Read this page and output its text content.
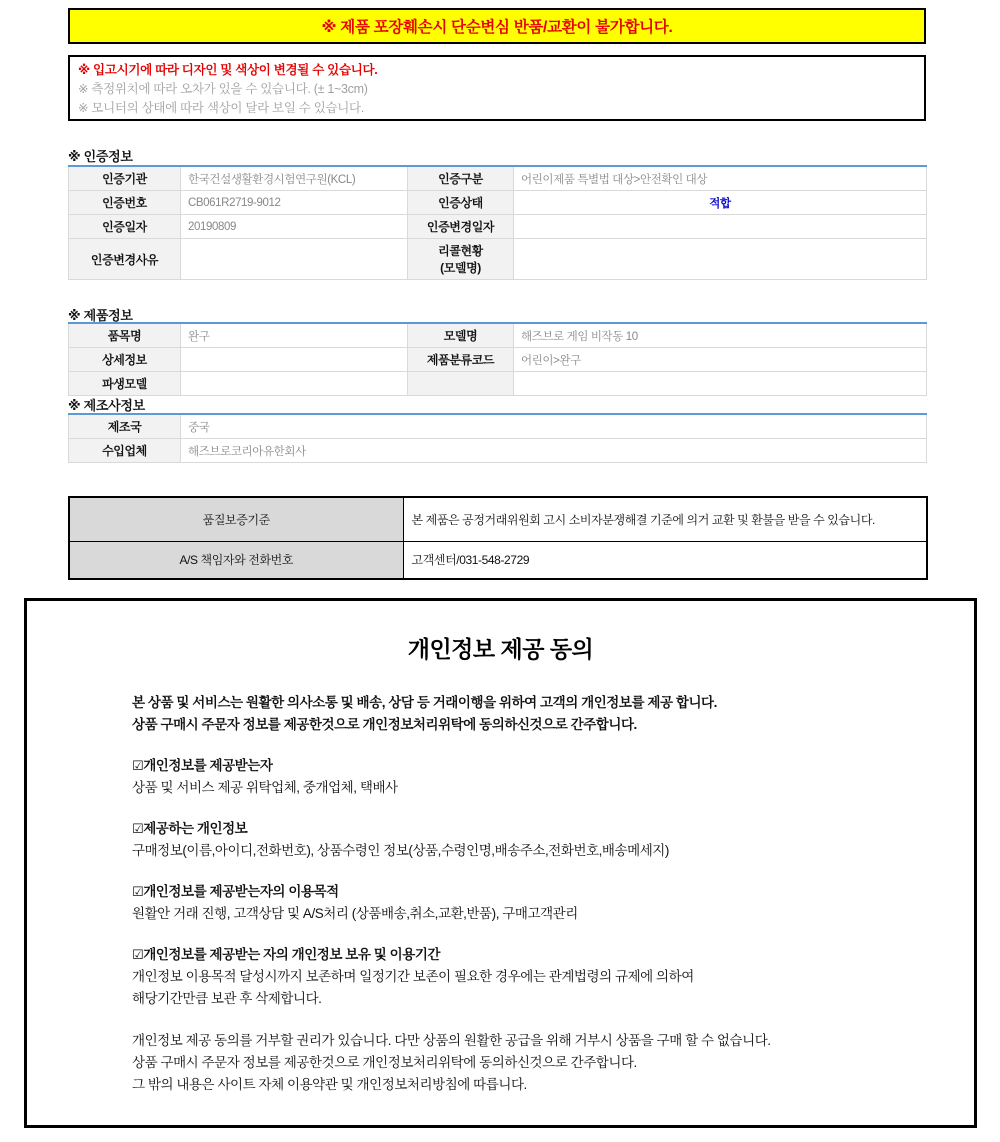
※ 제품 포장훼손시 단순변심 반품/교환이 불가합니다.
※ 입고시기에 따라 디자인 및 색상이 변경될 수 있습니다.
※ 측정위치에 따라 오차가 있을 수 있습니다. (± 1~3cm)
※ 모니터의 상태에 따라 색상이 달라 보일 수 있습니다.
※ 인증정보
인증기관	한국건설생활환경시험연구원(KCL)	인증구분	어린이제품 특별법 대상>안전확인 대상
인증번호	CB061R2719-9012	인증상태	적합
인증일자	20190809	인증변경일자	
인증변경사유		리콜현황
(모델명)	
※ 제품정보
품목명	완구	모델명	해즈브로 게임 비작동 10
상세정보		제품분류코드	어린이>완구
파생모델			
※ 제조사정보
제조국	중국
수입업체	해즈브로코리아유한회사
품질보증기준	본 제품은 공정거래위원회 고시 소비자분쟁해결 기준에 의거 교환 및 환불을 받을 수 있습니다.
A/S 책임자와 전화번호	고객센터/031-548-2729
개인정보 제공 동의
본 상품 및 서비스는 원활한 의사소통 및 배송, 상담 등 거래이행을 위하여 고객의 개인정보를 제공 합니다.
상품 구매시 주문자 정보를 제공한것으로 개인정보처리위탁에 동의하신것으로 간주합니다.
☑개인정보를 제공받는자
상품 및 서비스 제공 위탁업체, 중개업체, 택배사
☑제공하는 개인정보
구매정보(이름,아이디,전화번호), 상품수령인 정보(상품,수령인명,배송주소,전화번호,배송메세지)
☑개인정보를 제공받는자의 이용목적
원활안 거래 진행, 고객상담 및 A/S처리 (상품배송,취소,교환,반품), 구매고객관리
☑개인정보를 제공받는 자의 개인정보 보유 및 이용기간
개인정보 이용목적 달성시까지 보존하며 일정기간 보존이 필요한 경우에는 관계법령의 규제에 의하여
해당기간만큼 보관 후 삭제합니다.
개인정보 제공 동의를 거부할 권리가 있습니다. 다만 상품의 원활한 공급을 위해 거부시 상품을 구매 할 수 없습니다.
상품 구매시 주문자 정보를 제공한것으로 개인정보처리위탁에 동의하신것으로 간주합니다.
그 밖의 내용은 사이트 자체 이용약관 및 개인정보처리방침에 따릅니다.
